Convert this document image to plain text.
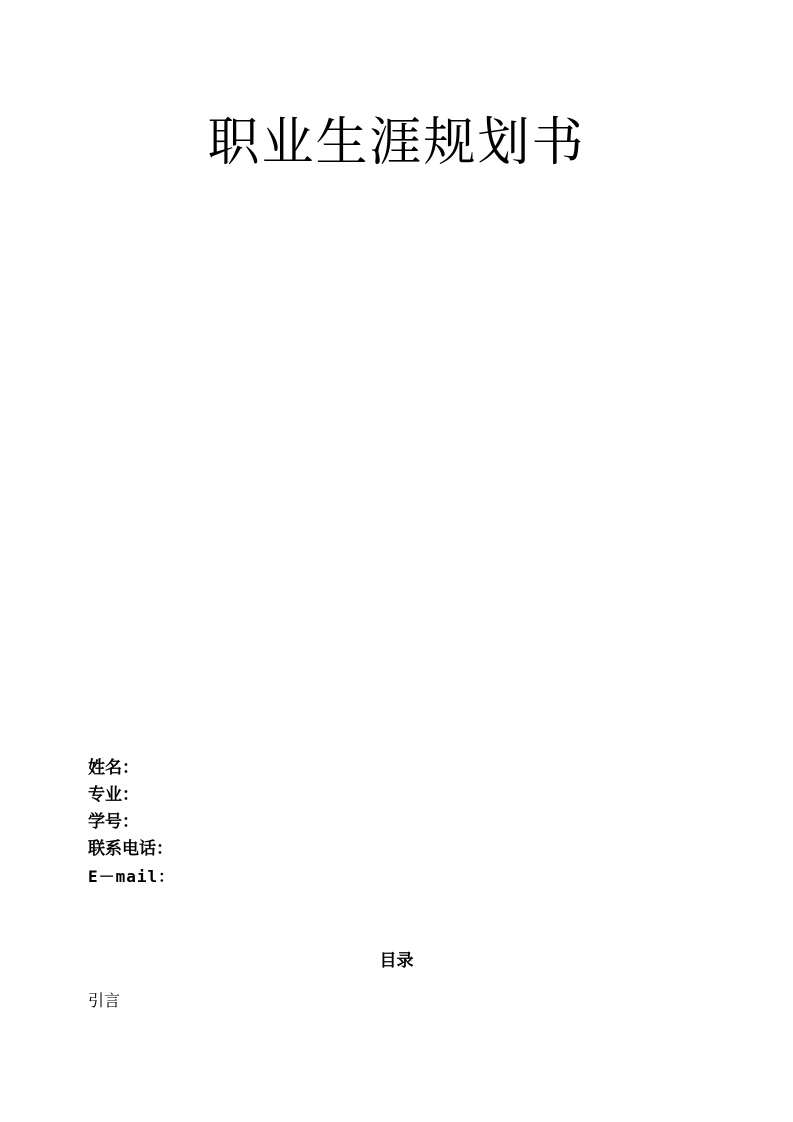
职业生涯规划书
姓名：
专业：
学号：
联系电话：
E－mail：
目录
引言
